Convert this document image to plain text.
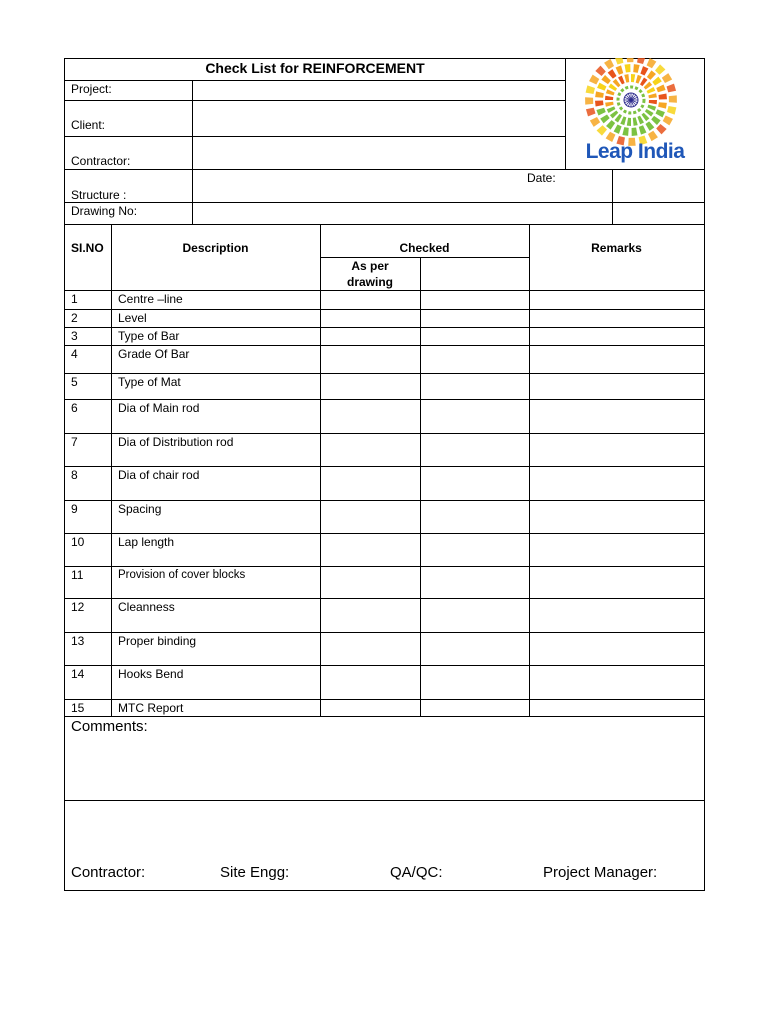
Check List for REINFORCEMENT
Project:
Client:
Contractor:
Date:
Structure :
Drawing No:
Leap India
SI.NO	Description	Checked	Remarks
As per
drawing
1	Centre –line
2	Level
3	Type of Bar
4	Grade Of Bar
5	Type of Mat
6	Dia of Main rod
7	Dia of Distribution rod
8	Dia of chair rod
9	Spacing
10	Lap length
11	Provision of cover blocks
12	Cleanness
13	Proper binding
14	Hooks Bend
15	MTC Report
Comments:
Contractor:	Site Engg:	QA/QC:	Project Manager:
